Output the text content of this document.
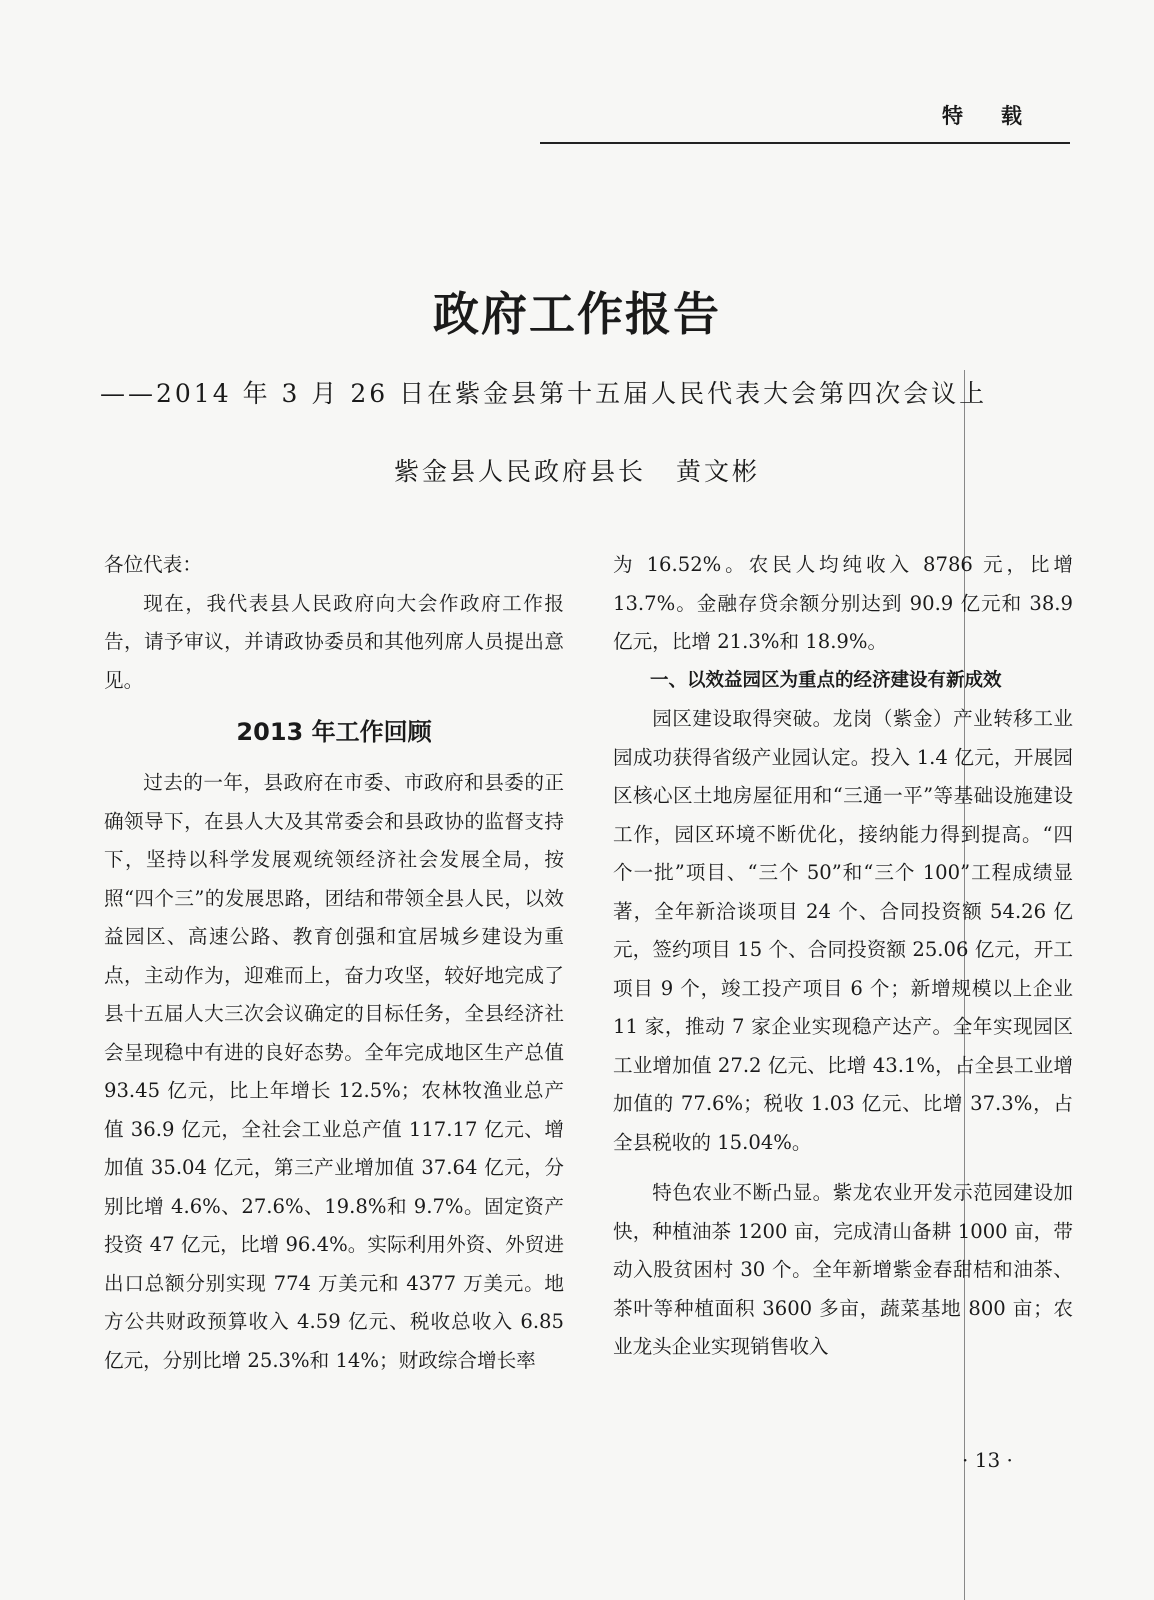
特载
政府工作报告
——2014 年 3 月 26 日在紫金县第十五届人民代表大会第四次会议上
紫金县人民政府县长 黄文彬

各位代表：

现在，我代表县人民政府向大会作政府工作报告，请予审议，并请政协委员和其他列席人员提出意见。

2013 年工作回顾

过去的一年，县政府在市委、市政府和县委的正确领导下，在县人大及其常委会和县政协的监督支持下，坚持以科学发展观统领经济社会发展全局，按照“四个三”的发展思路，团结和带领全县人民，以效益园区、高速公路、教育创强和宜居城乡建设为重点，主动作为，迎难而上，奋力攻坚，较好地完成了县十五届人大三次会议确定的目标任务，全县经济社会呈现稳中有进的良好态势。全年完成地区生产总值 93.45 亿元，比上年增长 12.5%；农林牧渔业总产值 36.9 亿元，全社会工业总产值 117.17 亿元、增加值 35.04 亿元，第三产业增加值 37.64 亿元，分别比增 4.6%、27.6%、19.8%和 9.7%。固定资产投资 47 亿元，比增 96.4%。实际利用外资、外贸进出口总额分别实现 774 万美元和 4377 万美元。地方公共财政预算收入 4.59 亿元、税收总收入 6.85 亿元，分别比增 25.3%和 14%；财政综合增长率

为 16.52%。农民人均纯收入 8786 元，比增 13.7%。金融存贷余额分别达到 90.9 亿元和 38.9 亿元，比增 21.3%和 18.9%。

一、以效益园区为重点的经济建设有新成效

园区建设取得突破。龙岗（紫金）产业转移工业园成功获得省级产业园认定。投入 1.4 亿元，开展园区核心区土地房屋征用和“三通一平”等基础设施建设工作，园区环境不断优化，接纳能力得到提高。“四个一批”项目、“三个 50”和“三个 100”工程成绩显著，全年新洽谈项目 24 个、合同投资额 54.26 亿元，签约项目 15 个、合同投资额 25.06 亿元，开工项目 9 个，竣工投产项目 6 个；新增规模以上企业 11 家，推动 7 家企业实现稳产达产。全年实现园区工业增加值 27.2 亿元、比增 43.1%，占全县工业增加值的 77.6%；税收 1.03 亿元、比增 37.3%，占全县税收的 15.04%。

特色农业不断凸显。紫龙农业开发示范园建设加快，种植油茶 1200 亩，完成清山备耕 1000 亩，带动入股贫困村 30 个。全年新增紫金春甜桔和油茶、茶叶等种植面积 3600 多亩，蔬菜基地 800 亩；农业龙头企业实现销售收入

· 13 ·
